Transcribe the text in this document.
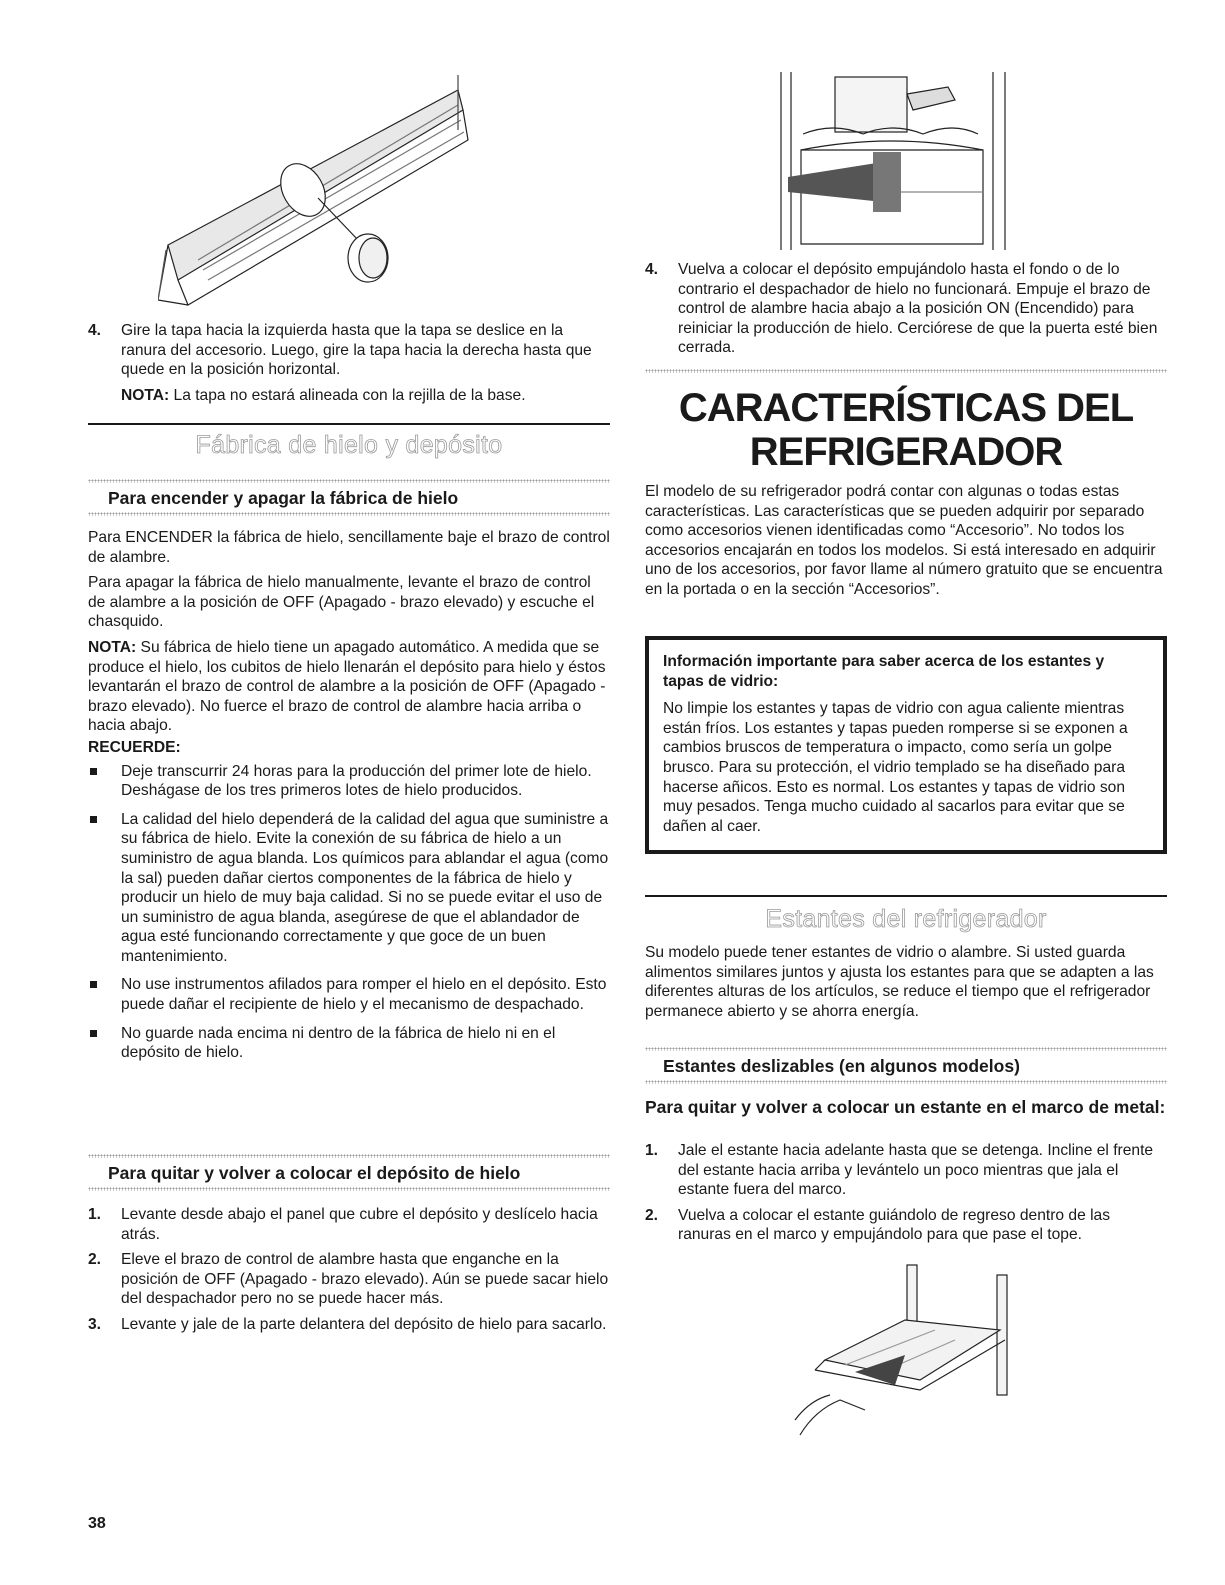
4. Gire la tapa hacia la izquierda hasta que la tapa se deslice en la ranura del accesorio. Luego, gire la tapa hacia la derecha hasta que quede en la posición horizontal.

NOTA: La tapa no estará alineada con la rejilla de la base.

Fábrica de hielo y depósito
Para encender y apagar la fábrica de hielo

Para ENCENDER la fábrica de hielo, sencillamente baje el brazo de control de alambre.

Para apagar la fábrica de hielo manualmente, levante el brazo de control de alambre a la posición de OFF (Apagado - brazo elevado) y escuche el chasquido.

NOTA: Su fábrica de hielo tiene un apagado automático. A medida que se produce el hielo, los cubitos de hielo llenarán el depósito para hielo y éstos levantarán el brazo de control de alambre a la posición de OFF (Apagado - brazo elevado). No fuerce el brazo de control de alambre hacia arriba o hacia abajo.

RECUERDE:

Deje transcurrir 24 horas para la producción del primer lote de hielo. Deshágase de los tres primeros lotes de hielo producidos.

La calidad del hielo dependerá de la calidad del agua que suministre a su fábrica de hielo. Evite la conexión de su fábrica de hielo a un suministro de agua blanda. Los químicos para ablandar el agua (como la sal) pueden dañar ciertos componentes de la fábrica de hielo y producir un hielo de muy baja calidad. Si no se puede evitar el uso de un suministro de agua blanda, asegúrese de que el ablandador de agua esté funcionando correctamente y que goce de un buen mantenimiento.

No use instrumentos afilados para romper el hielo en el depósito. Esto puede dañar el recipiente de hielo y el mecanismo de despachado.

No guarde nada encima ni dentro de la fábrica de hielo ni en el depósito de hielo.

Para quitar y volver a colocar el depósito de hielo
1. Levante desde abajo el panel que cubre el depósito y deslícelo hacia atrás.

2. Eleve el brazo de control de alambre hasta que enganche en la posición de OFF (Apagado - brazo elevado). Aún se puede sacar hielo del despachador pero no se puede hacer más.

3. Levante y jale de la parte delantera del depósito de hielo para sacarlo.

4. Vuelva a colocar el depósito empujándolo hasta el fondo o de lo contrario el despachador de hielo no funcionará. Empuje el brazo de control de alambre hacia abajo a la posición ON (Encendido) para reiniciar la producción de hielo. Cerciórese de que la puerta esté bien cerrada.

CARACTERÍSTICAS DEL
REFRIGERADOR

El modelo de su refrigerador podrá contar con algunas o todas estas características. Las características que se pueden adquirir por separado como accesorios vienen identificadas como “Accesorio”. No todos los accesorios encajarán en todos los modelos. Si está interesado en adquirir uno de los accesorios, por favor llame al número gratuito que se encuentra en la portada o en la sección “Accesorios”.

Información importante para saber acerca de los estantes y tapas de vidrio:

No limpie los estantes y tapas de vidrio con agua caliente mientras están fríos. Los estantes y tapas pueden romperse si se exponen a cambios bruscos de temperatura o impacto, como sería un golpe brusco. Para su protección, el vidrio templado se ha diseñado para hacerse añicos. Esto es normal. Los estantes y tapas de vidrio son muy pesados. Tenga mucho cuidado al sacarlos para evitar que se dañen al caer.

Estantes del refrigerador

Su modelo puede tener estantes de vidrio o alambre. Si usted guarda alimentos similares juntos y ajusta los estantes para que se adapten a las diferentes alturas de los artículos, se reduce el tiempo que el refrigerador permanece abierto y se ahorra energía.

Estantes deslizables (en algunos modelos)

Para quitar y volver a colocar un estante en el marco de metal:

1. Jale el estante hacia adelante hasta que se detenga. Incline el frente del estante hacia arriba y levántelo un poco mientras que jala el estante fuera del marco.

2. Vuelva a colocar el estante guiándolo de regreso dentro de las ranuras en el marco y empujándolo para que pase el tope.

38
